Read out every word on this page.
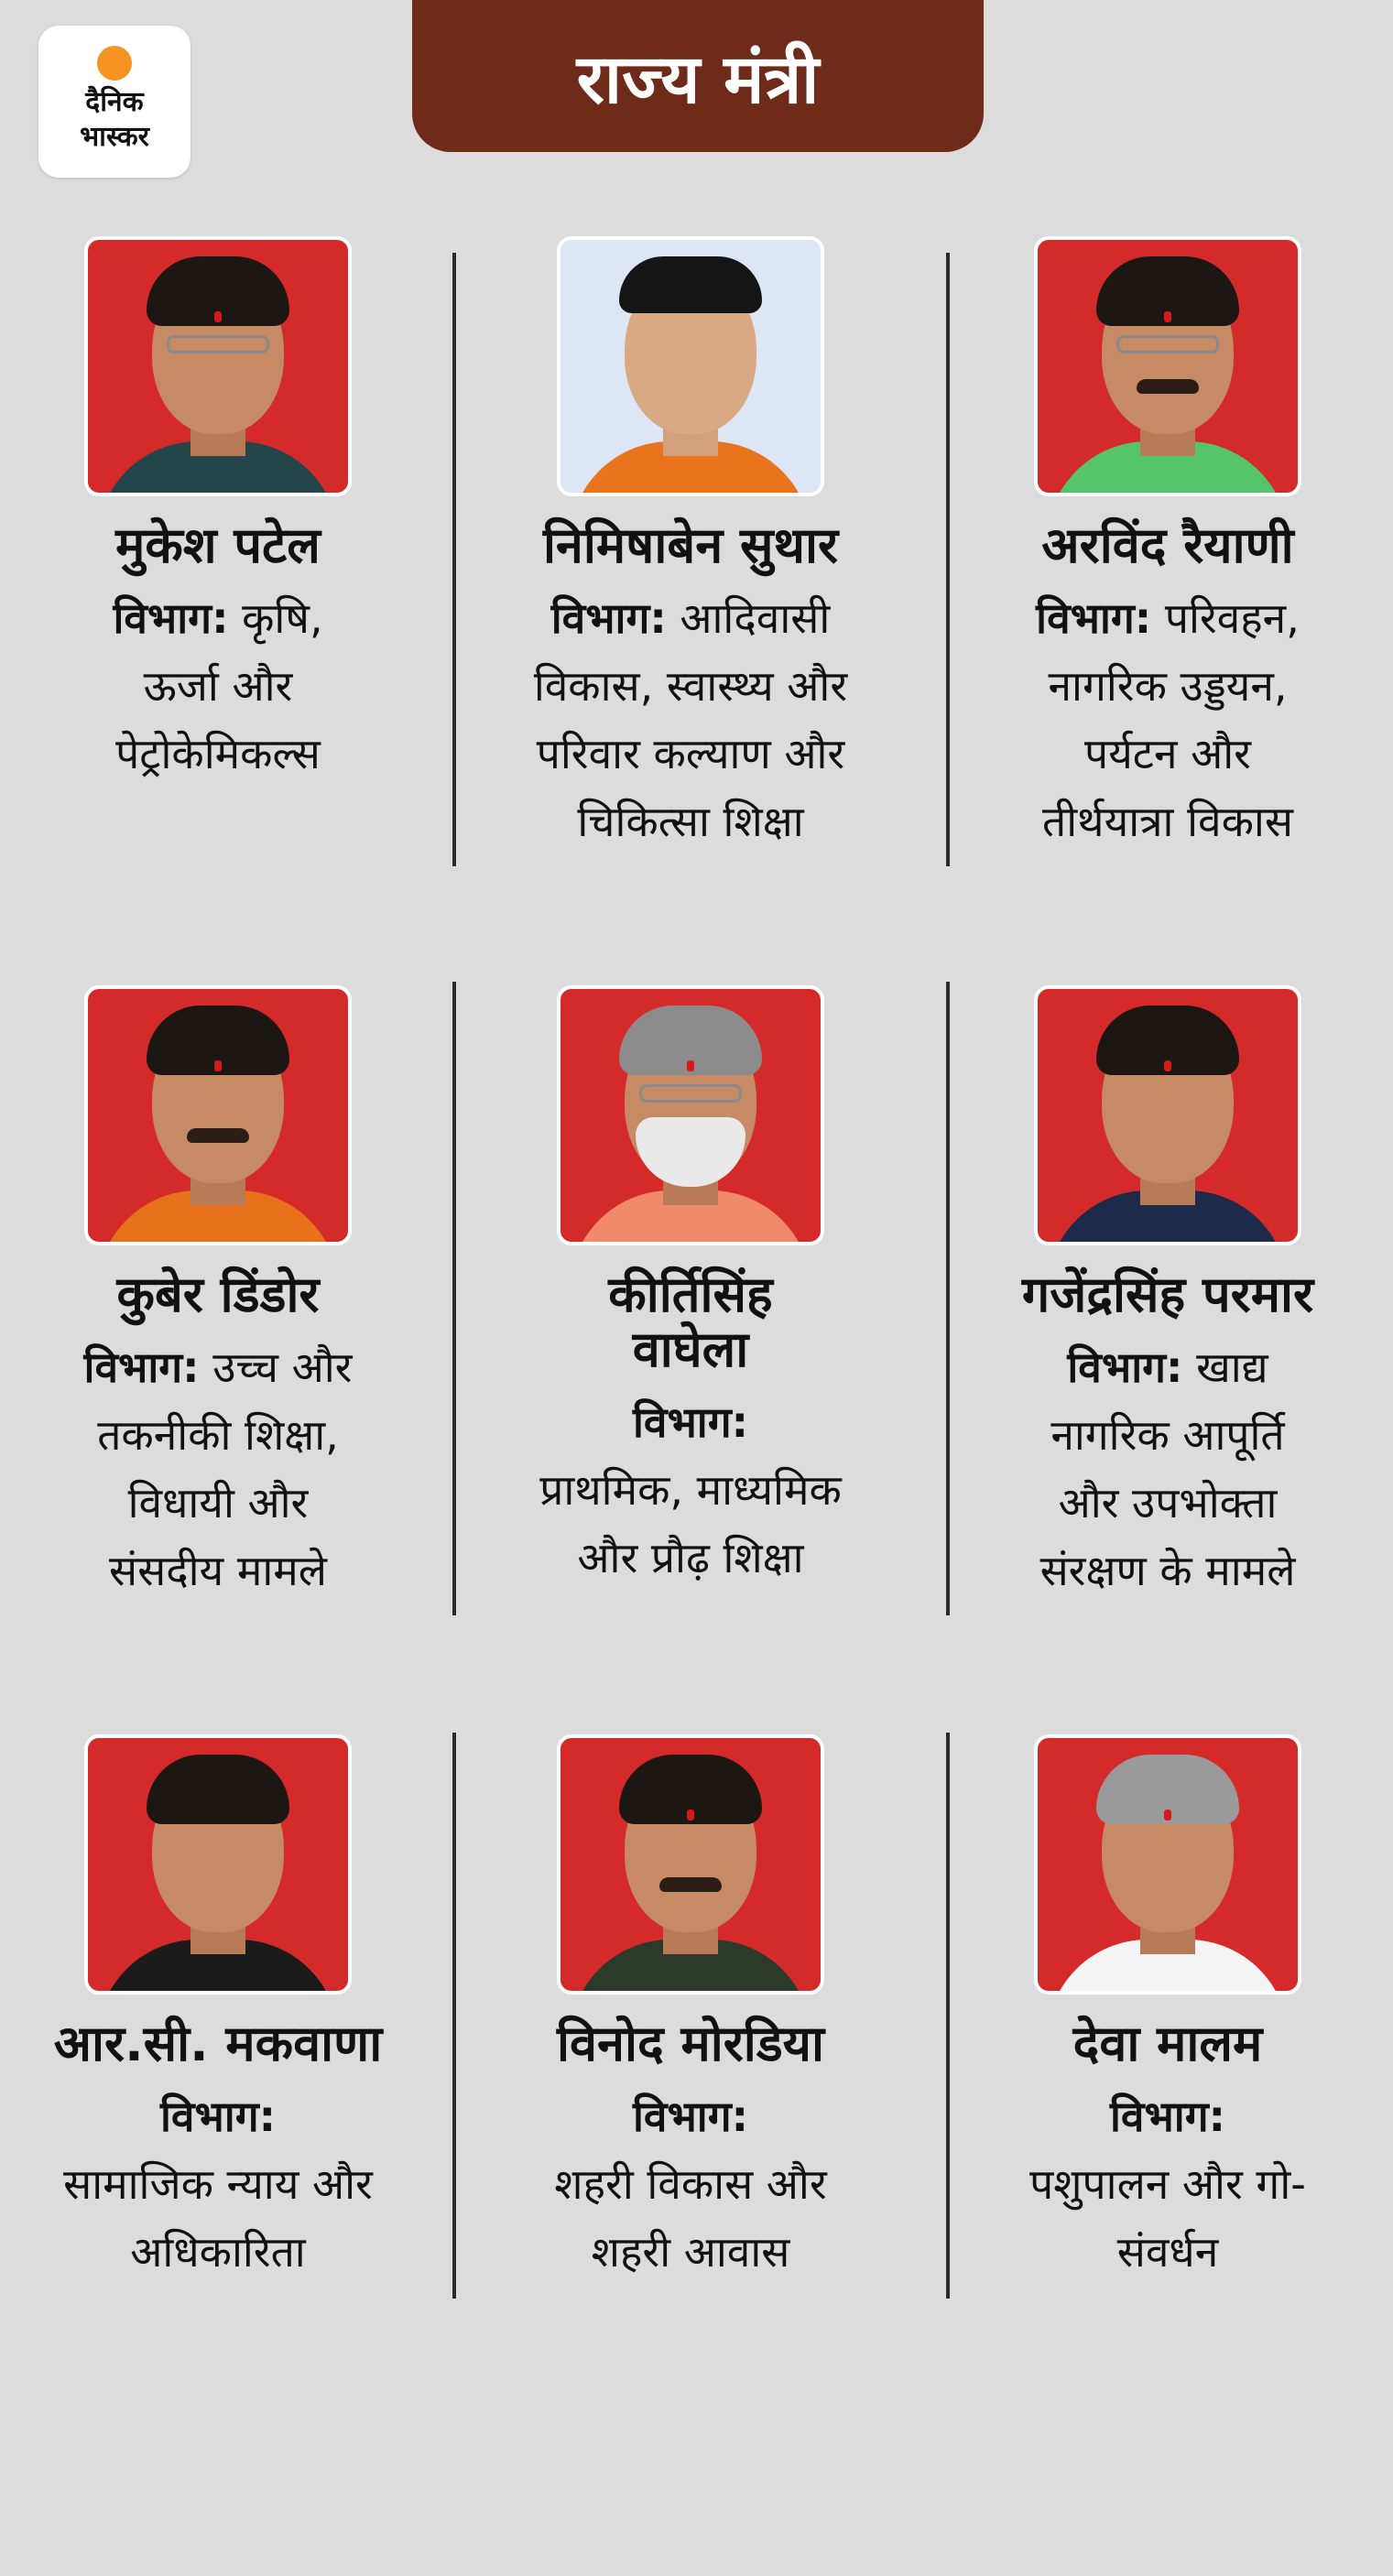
दैनिक
भास्कर
राज्य मंत्री
मुकेश पटेल
विभाग: कृषि,
ऊर्जा और
पेट्रोकेमिकल्स
निमिषाबेन सुथार
विभाग: आदिवासी
विकास, स्वास्थ्य और
परिवार कल्याण और
चिकित्सा शिक्षा
अरविंद रैयाणी
विभाग: परिवहन,
नागरिक उड्डयन,
पर्यटन और
तीर्थयात्रा विकास
कुबेर डिंडोर
विभाग: उच्च और
तकनीकी शिक्षा,
विधायी और
संसदीय मामले
कीर्तिसिंह
वाघेला
विभाग:
प्राथमिक, माध्यमिक
और प्रौढ़ शिक्षा
गजेंद्रसिंह परमार
विभाग: खाद्य
नागरिक आपूर्ति
और उपभोक्ता
संरक्षण के मामले
आर.सी. मकवाणा
विभाग:
सामाजिक न्याय और
अधिकारिता
विनोद मोरडिया
विभाग:
शहरी विकास और
शहरी आवास
देवा मालम
विभाग:
पशुपालन और गो-
संवर्धन
